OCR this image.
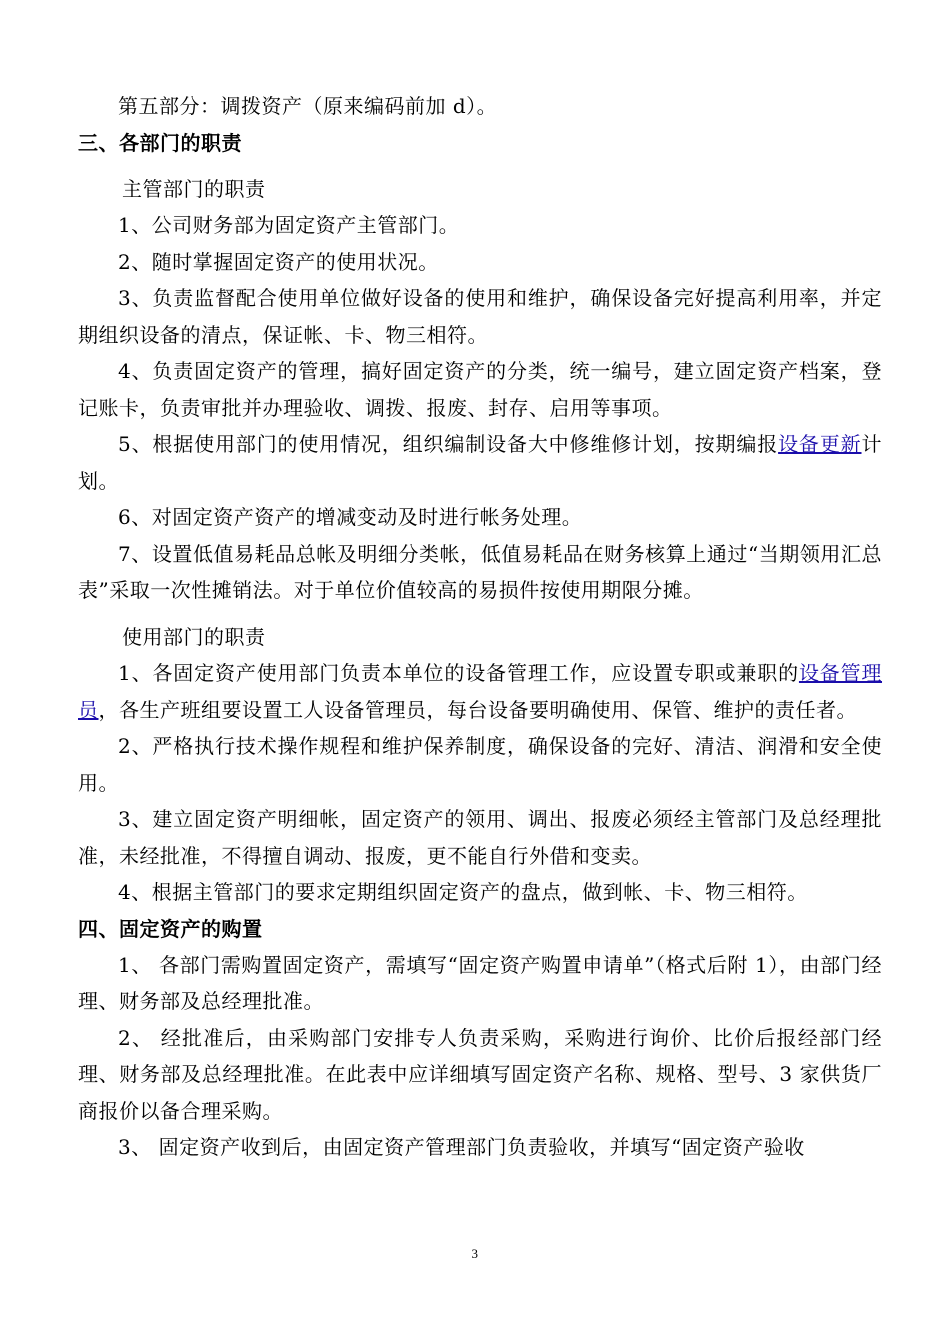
第五部分：调拨资产（原来编码前加 d）。

三、各部门的职责

主管部门的职责

1、公司财务部为固定资产主管部门。

2、随时掌握固定资产的使用状况。

3、负责监督配合使用单位做好设备的使用和维护，确保设备完好提高利用率，并定期组织设备的清点，保证帐、卡、物三相符。

4、负责固定资产的管理，搞好固定资产的分类，统一编号，建立固定资产档案，登记账卡，负责审批并办理验收、调拨、报废、封存、启用等事项。

5、根据使用部门的使用情况，组织编制设备大中修维修计划，按期编报设备更新计划。

6、对固定资产资产的增减变动及时进行帐务处理。

7、设置低值易耗品总帐及明细分类帐，低值易耗品在财务核算上通过“当期领用汇总表”采取一次性摊销法。对于单位价值较高的易损件按使用期限分摊。

使用部门的职责

1、各固定资产使用部门负责本单位的设备管理工作，应设置专职或兼职的设备管理员，各生产班组要设置工人设备管理员，每台设备要明确使用、保管、维护的责任者。

2、严格执行技术操作规程和维护保养制度，确保设备的完好、清洁、润滑和安全使用。

3、建立固定资产明细帐，固定资产的领用、调出、报废必须经主管部门及总经理批准，未经批准，不得擅自调动、报废，更不能自行外借和变卖。

4、根据主管部门的要求定期组织固定资产的盘点，做到帐、卡、物三相符。

四、固定资产的购置

1、 各部门需购置固定资产，需填写“固定资产购置申请单”（格式后附 1），由部门经理、财务部及总经理批准。

2、 经批准后，由采购部门安排专人负责采购，采购进行询价、比价后报经部门经理、财务部及总经理批准。在此表中应详细填写固定资产名称、规格、型号、3 家供货厂商报价以备合理采购。

3、 固定资产收到后，由固定资产管理部门负责验收，并填写“固定资产验收

3
